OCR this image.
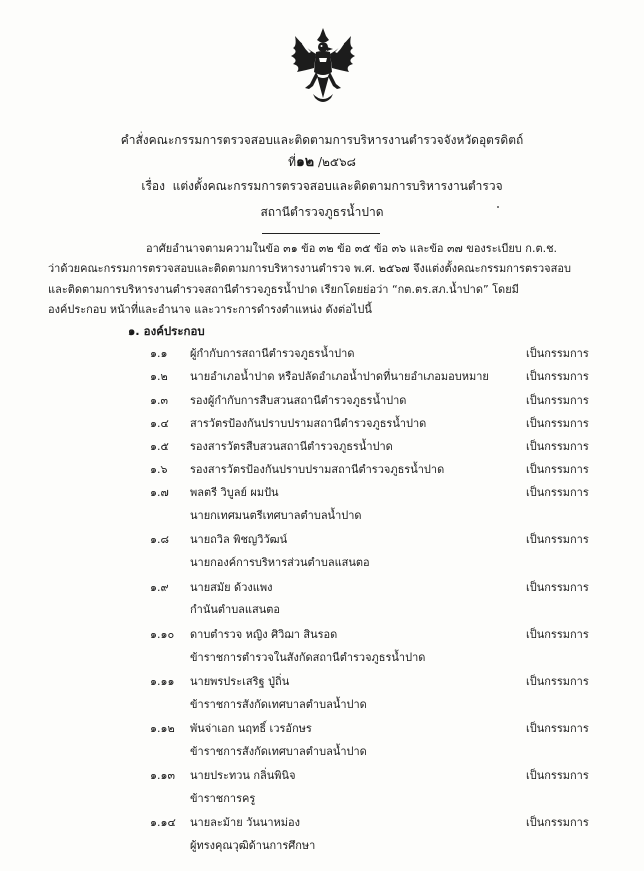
คำสั่งคณะกรรมการตรวจสอบและติดตามการบริหารงานตำรวจจังหวัดอุตรดิตถ์
ที่๑๒ /๒๕๖๘
เรื่อง แต่งตั้งคณะกรรมการตรวจสอบและติดตามการบริหารงานตำรวจ
สถานีตำรวจภูธรน้ำปาด
อาศัยอำนาจตามความในข้อ ๓๑ ข้อ ๓๒ ข้อ ๓๕ ข้อ ๓๖ และข้อ ๓๗ ของระเบียบ ก.ต.ช.
ว่าด้วยคณะกรรมการตรวจสอบและติดตามการบริหารงานตำรวจ พ.ศ. ๒๕๖๗ จึงแต่งตั้งคณะกรรมการตรวจสอบ
และติดตามการบริหารงานตำรวจสถานีตำรวจภูธรน้ำปาด เรียกโดยย่อว่า “กต.ตร.สภ.น้ำปาด” โดยมี
องค์ประกอบ หน้าที่และอำนาจ และวาระการดำรงตำแหน่ง ดังต่อไปนี้
๑. องค์ประกอบ
๑.๑	ผู้กำกับการสถานีตำรวจภูธรน้ำปาด	เป็นกรรมการ
๑.๒	นายอำเภอน้ำปาด หรือปลัดอำเภอน้ำปาดที่นายอำเภอมอบหมาย	เป็นกรรมการ
๑.๓	รองผู้กำกับการสืบสวนสถานีตำรวจภูธรน้ำปาด	เป็นกรรมการ
๑.๔	สารวัตรป้องกันปราบปรามสถานีตำรวจภูธรน้ำปาด	เป็นกรรมการ
๑.๕	รองสารวัตรสืบสวนสถานีตำรวจภูธรน้ำปาด	เป็นกรรมการ
๑.๖	รองสารวัตรป้องกันปราบปรามสถานีตำรวจภูธรน้ำปาด	เป็นกรรมการ
๑.๗	พลตรี วิบูลย์ ผมปัน	เป็นกรรมการ
นายกเทศมนตรีเทศบาลตำบลน้ำปาด
๑.๘	นายถวิล พิชญวิวัฒน์	เป็นกรรมการ
นายกองค์การบริหารส่วนตำบลแสนตอ
๑.๙	นายสมัย ด้วงแพง	เป็นกรรมการ
กำนันตำบลแสนตอ
๑.๑๐	ดาบตำรวจ หญิง ศิวิฌา สินรอด	เป็นกรรมการ
ข้าราชการตำรวจในสังกัดสถานีตำรวจภูธรน้ำปาด
๑.๑๑	นายพรประเสริฐ ปู่ถิ่น	เป็นกรรมการ
ข้าราชการสังกัดเทศบาลตำบลน้ำปาด
๑.๑๒	พันจ่าเอก นฤทธิ์ เวรอักษร	เป็นกรรมการ
ข้าราชการสังกัดเทศบาลตำบลน้ำปาด
๑.๑๓	นายประทวน กลิ่นพินิจ	เป็นกรรมการ
ข้าราชการครู
๑.๑๔	นายละม้าย วันนาหม่อง	เป็นกรรมการ
ผู้ทรงคุณวุฒิด้านการศึกษา
